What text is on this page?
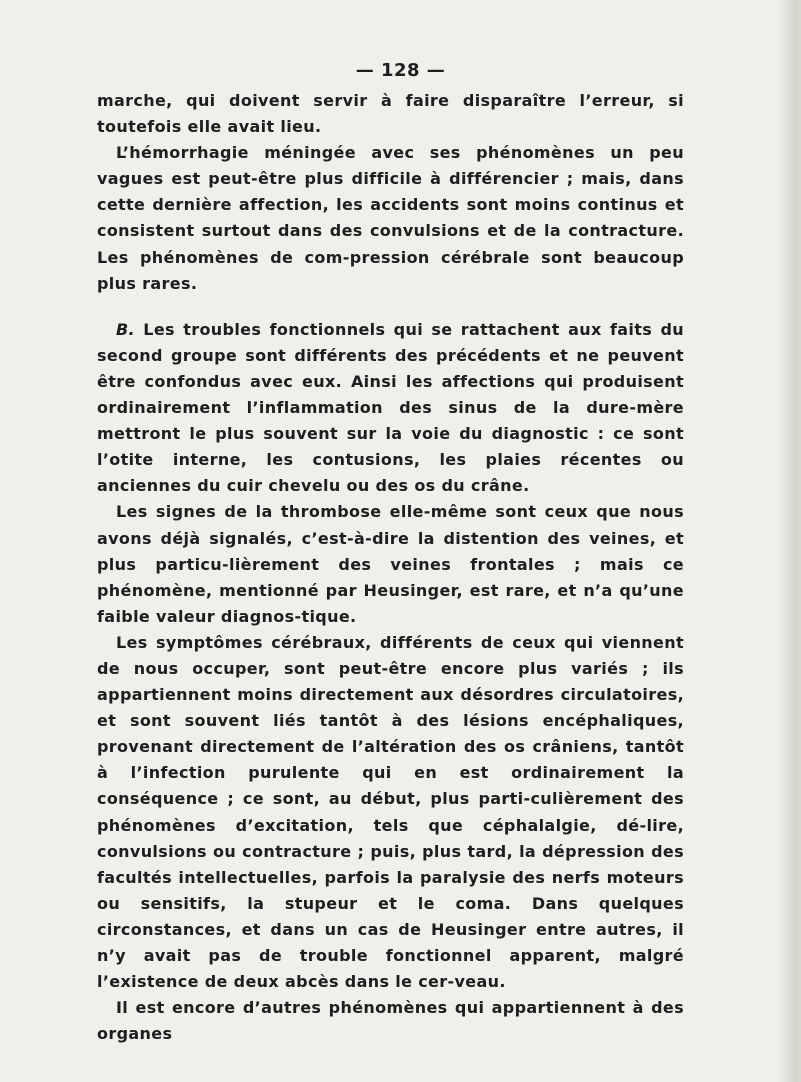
— 128 —

marche, qui doivent servir à faire disparaître l’erreur, si toutefois elle avait lieu.

L’hémorrhagie méningée avec ses phénomènes un peu vagues est peut-être plus difficile à différencier ; mais, dans cette dernière affection, les accidents sont moins continus et consistent surtout dans des convulsions et de la contracture. Les phénomènes de com-pression cérébrale sont beaucoup plus rares.

B. Les troubles fonctionnels qui se rattachent aux faits du second groupe sont différents des précédents et ne peuvent être confondus avec eux. Ainsi les affections qui produisent ordinairement l’inflammation des sinus de la dure-mère mettront le plus souvent sur la voie du diagnostic : ce sont l’otite interne, les contusions, les plaies récentes ou anciennes du cuir chevelu ou des os du crâne.

Les signes de la thrombose elle-même sont ceux que nous avons déjà signalés, c’est-à-dire la distention des veines, et plus particu-lièrement des veines frontales ; mais ce phénomène, mentionné par Heusinger, est rare, et n’a qu’une faible valeur diagnos-tique.

Les symptômes cérébraux, différents de ceux qui viennent de nous occuper, sont peut-être encore plus variés ; ils appartiennent moins directement aux désordres circulatoires, et sont souvent liés tantôt à des lésions encéphaliques, provenant directement de l’altération des os crâniens, tantôt à l’infection purulente qui en est ordinairement la conséquence ; ce sont, au début, plus parti-culièrement des phénomènes d’excitation, tels que céphalalgie, dé-lire, convulsions ou contracture ; puis, plus tard, la dépression des facultés intellectuelles, parfois la paralysie des nerfs moteurs ou sensitifs, la stupeur et le coma. Dans quelques circonstances, et dans un cas de Heusinger entre autres, il n’y avait pas de trouble fonctionnel apparent, malgré l’existence de deux abcès dans le cer-veau.

Il est encore d’autres phénomènes qui appartiennent à des organes
